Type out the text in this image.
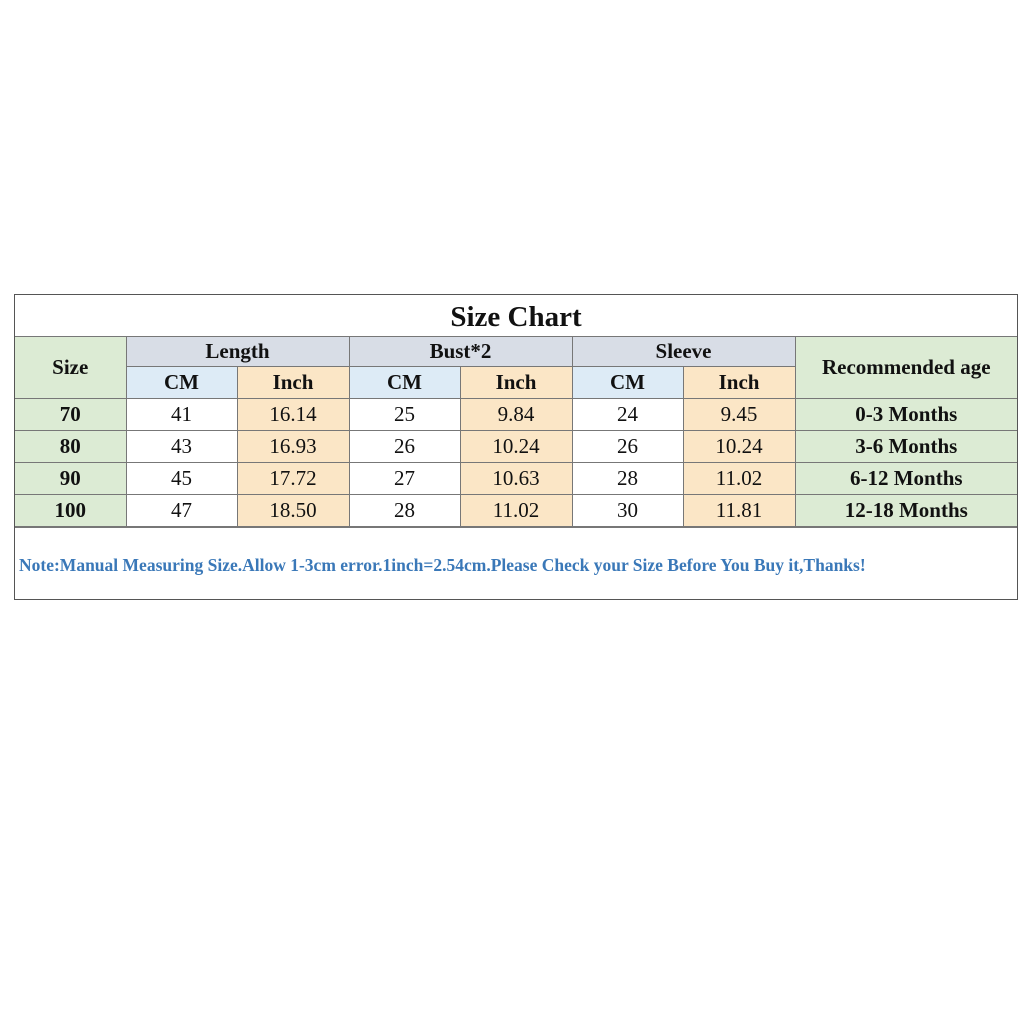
Size Chart
Size	Length		Bust*2		Sleeve		Recommended age
	CM	Inch	CM	Inch	CM	Inch	
70	41	16.14	25	9.84	24	9.45	0-3 Months
80	43	16.93	26	10.24	26	10.24	3-6 Months
90	45	17.72	27	10.63	28	11.02	6-12 Months
100	47	18.50	28	11.02	30	11.81	12-18 Months
Note:Manual Measuring Size.Allow 1-3cm error.1inch=2.54cm.Please Check your Size Before You Buy it,Thanks!
